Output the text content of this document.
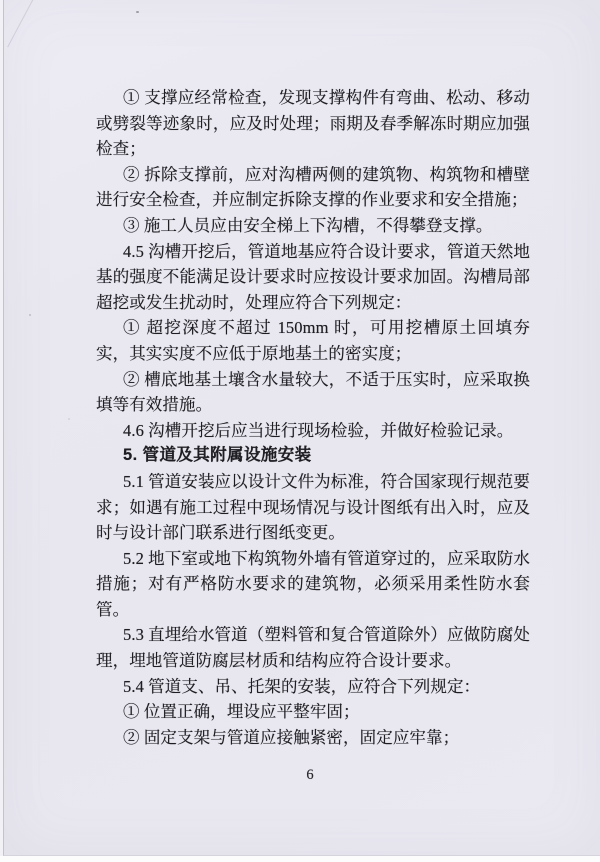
① 支撑应经常检查，发现支撑构件有弯曲、松动、移动或劈裂等迹象时，应及时处理；雨期及春季解冻时期应加强检查；

② 拆除支撑前，应对沟槽两侧的建筑物、构筑物和槽壁进行安全检查，并应制定拆除支撑的作业要求和安全措施；

③ 施工人员应由安全梯上下沟槽，不得攀登支撑。

4.5 沟槽开挖后，管道地基应符合设计要求，管道天然地基的强度不能满足设计要求时应按设计要求加固。沟槽局部超挖或发生扰动时，处理应符合下列规定：

① 超挖深度不超过 150mm 时，可用挖槽原土回填夯实，其实实度不应低于原地基土的密实度；

② 槽底地基土壤含水量较大，不适于压实时，应采取换填等有效措施。

4.6 沟槽开挖后应当进行现场检验，并做好检验记录。

5. 管道及其附属设施安装

5.1 管道安装应以设计文件为标准，符合国家现行规范要求；如遇有施工过程中现场情况与设计图纸有出入时，应及时与设计部门联系进行图纸变更。

5.2 地下室或地下构筑物外墙有管道穿过的，应采取防水措施；对有严格防水要求的建筑物，必须采用柔性防水套管。

5.3 直埋给水管道（塑料管和复合管道除外）应做防腐处理，埋地管道防腐层材质和结构应符合设计要求。

5.4 管道支、吊、托架的安装，应符合下列规定：

① 位置正确，埋设应平整牢固；

② 固定支架与管道应接触紧密，固定应牢靠；

6
